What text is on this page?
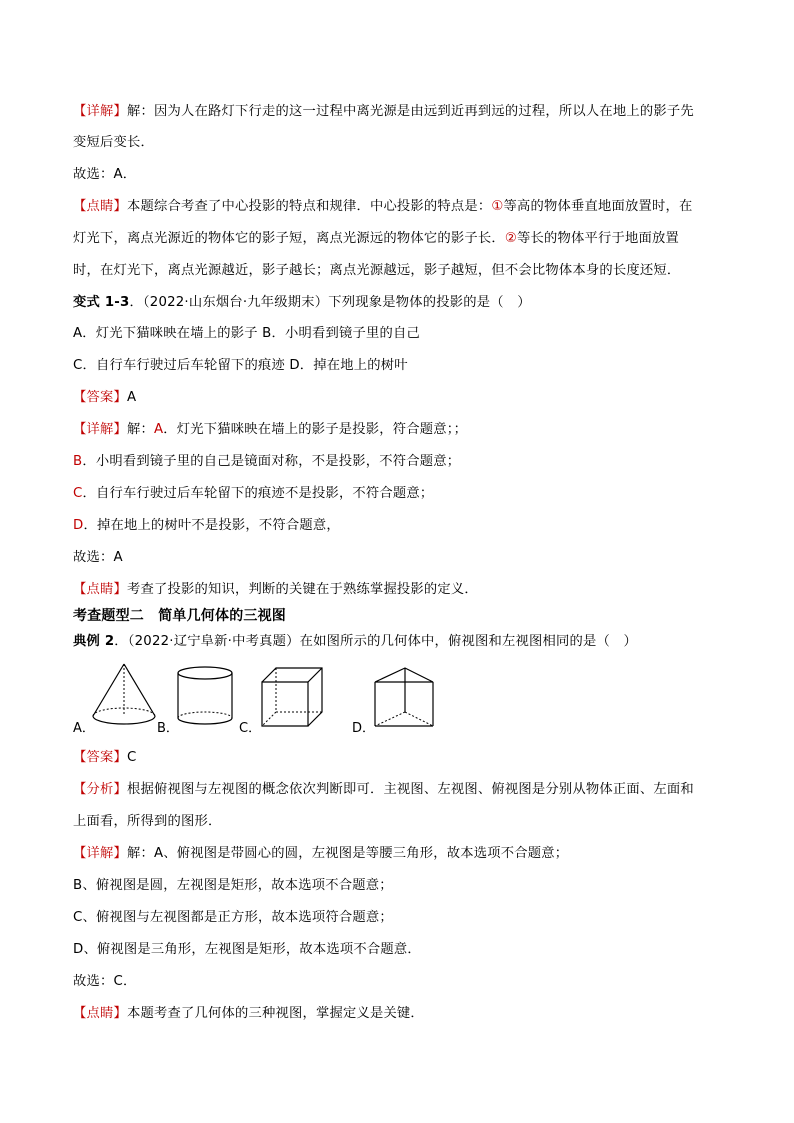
【详解】解：因为人在路灯下行走的这一过程中离光源是由远到近再到远的过程，所以人在地上的影子先
变短后变长．
故选：A．
【点睛】本题综合考查了中心投影的特点和规律．中心投影的特点是：①等高的物体垂直地面放置时，在
灯光下，离点光源近的物体它的影子短，离点光源远的物体它的影子长．②等长的物体平行于地面放置
时，在灯光下，离点光源越近，影子越长；离点光源越远，影子越短，但不会比物体本身的长度还短．
变式 1-3．（2022·山东烟台·九年级期末）下列现象是物体的投影的是（　）
A．灯光下猫咪映在墙上的影子 B．小明看到镜子里的自己
C．自行车行驶过后车轮留下的痕迹 D．掉在地上的树叶
【答案】A
【详解】解：A．灯光下猫咪映在墙上的影子是投影，符合题意；；
B．小明看到镜子里的自己是镜面对称，不是投影，不符合题意；
C．自行车行驶过后车轮留下的痕迹不是投影，不符合题意；
D．掉在地上的树叶不是投影，不符合题意，
故选：A
【点睛】考查了投影的知识，判断的关键在于熟练掌握投影的定义．
考查题型二　简单几何体的三视图
典例 2．（2022·辽宁阜新·中考真题）在如图所示的几何体中，俯视图和左视图相同的是（　）
A．	B．	C．	D．
【答案】C
【分析】根据俯视图与左视图的概念依次判断即可．主视图、左视图、俯视图是分别从物体正面、左面和
上面看，所得到的图形．
【详解】解：A、俯视图是带圆心的圆，左视图是等腰三角形，故本选项不合题意；
B、俯视图是圆，左视图是矩形，故本选项不合题意；
C、俯视图与左视图都是正方形，故本选项符合题意；
D、俯视图是三角形，左视图是矩形，故本选项不合题意．
故选：C．
【点睛】本题考查了几何体的三种视图，掌握定义是关键．
